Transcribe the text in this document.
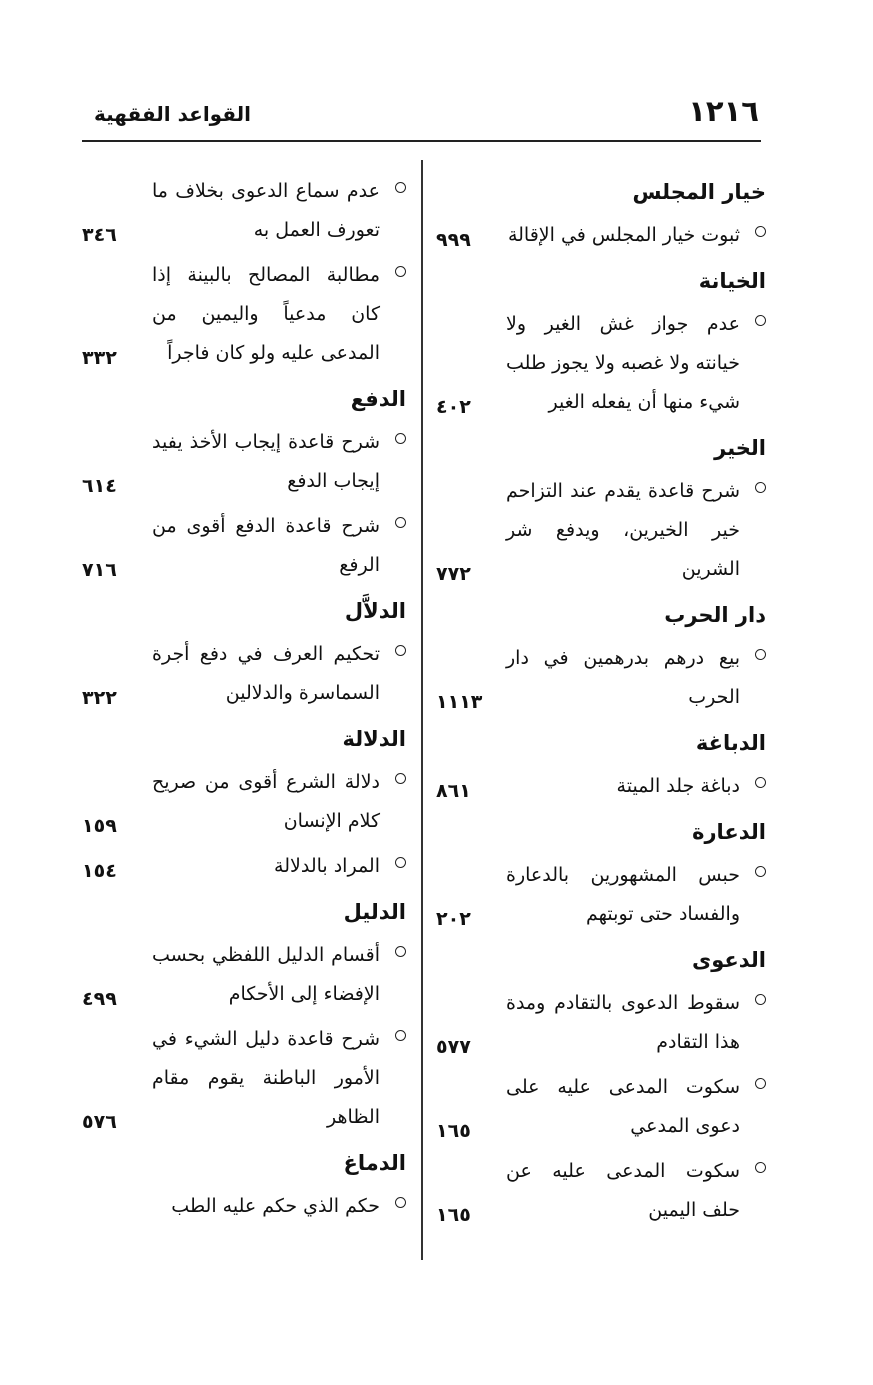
١٢١٦
القواعد الفقهية
خيار المجلس
ثبوت خيار المجلس في الإقالة
٩٩٩
الخيانة
عدم جواز غش الغير ولا خيانته ولا غصبه ولا يجوز طلب شيء منها أن يفعله الغير
٤٠٢
الخير
شرح قاعدة يقدم عند التزاحم خير الخيرين، ويدفع شر الشرين
٧٧٢
دار الحرب
بيع درهم بدرهمين في دار الحرب
١١١٣
الدباغة
دباغة جلد الميتة
٨٦١
الدعارة
حبس المشهورين بالدعارة والفساد حتى توبتهم
٢٠٢
الدعوى
سقوط الدعوى بالتقادم ومدة هذا التقادم
٥٧٧
سكوت المدعى عليه على دعوى المدعي
١٦٥
سكوت المدعى عليه عن حلف اليمين
١٦٥
عدم سماع الدعوى بخلاف ما تعورف العمل به
٣٤٦
مطالبة المصالح بالبينة إذا كان مدعياً واليمين من المدعى عليه ولو كان فاجراً
٣٣٢
الدفع
شرح قاعدة إيجاب الأخذ يفيد إيجاب الدفع
٦١٤
شرح قاعدة الدفع أقوى من الرفع
٧١٦
الدلاَّل
تحكيم العرف في دفع أجرة السماسرة والدلالين
٣٢٢
الدلالة
دلالة الشرع أقوى من صريح كلام الإنسان
١٥٩
المراد بالدلالة
١٥٤
الدليل
أقسام الدليل اللفظي بحسب الإفضاء إلى الأحكام
٤٩٩
شرح قاعدة دليل الشيء في الأمور الباطنة يقوم مقام الظاهر
٥٧٦
الدماغ
حكم الذي حكم عليه الطب
